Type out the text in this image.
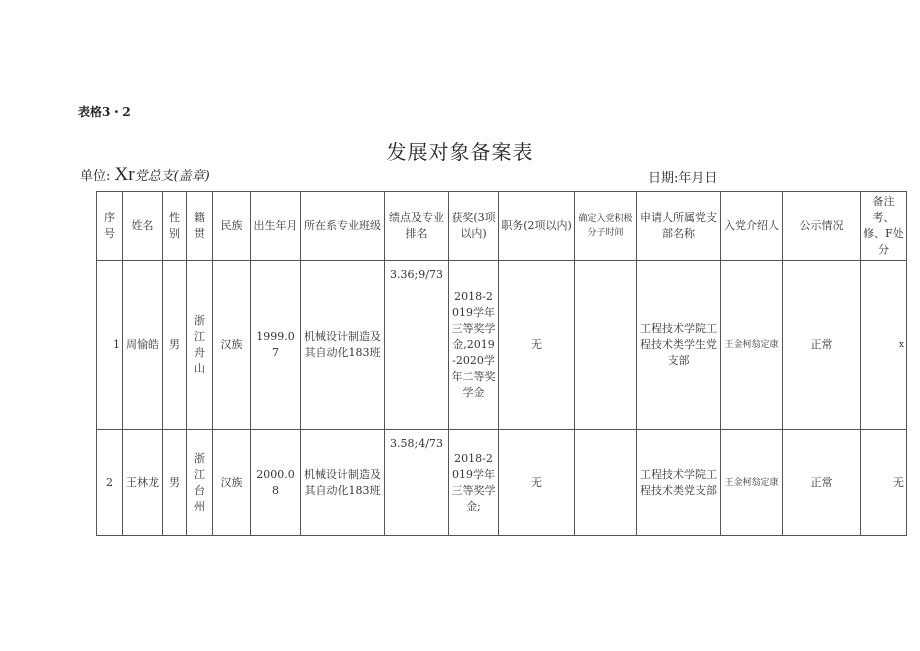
表格3・2
发展对象备案表
单位: Xr党总支(盖章)	日期:年月日
序号	姓名	性别	籍贯	民族	出生年月	所在系专业班级	绩点及专业排名	获奖(3项以内)	职务(2项以内)	确定入党积极分子时间	申请人所属党支部名称	入党介绍人	公示情况	备注考、修、F处分
1	周愉皓	男	浙江舟山	汉族	1999.07	机械设计制造及其自动化183班	3.36;9/73	2018-2019学年三等奖学金,2019-2020学年二等奖学金	无		工程技术学院工程技术类学生党支部	王金柯翁定康	正常	x
2	王林龙	男	浙江台州	汉族	2000.08	机械设计制造及其自动化183班	3.58;4/73	2018-2019学年三等奖学金;	无		工程技术学院工程技术类党支部	王金柯翁定康	正常	无
